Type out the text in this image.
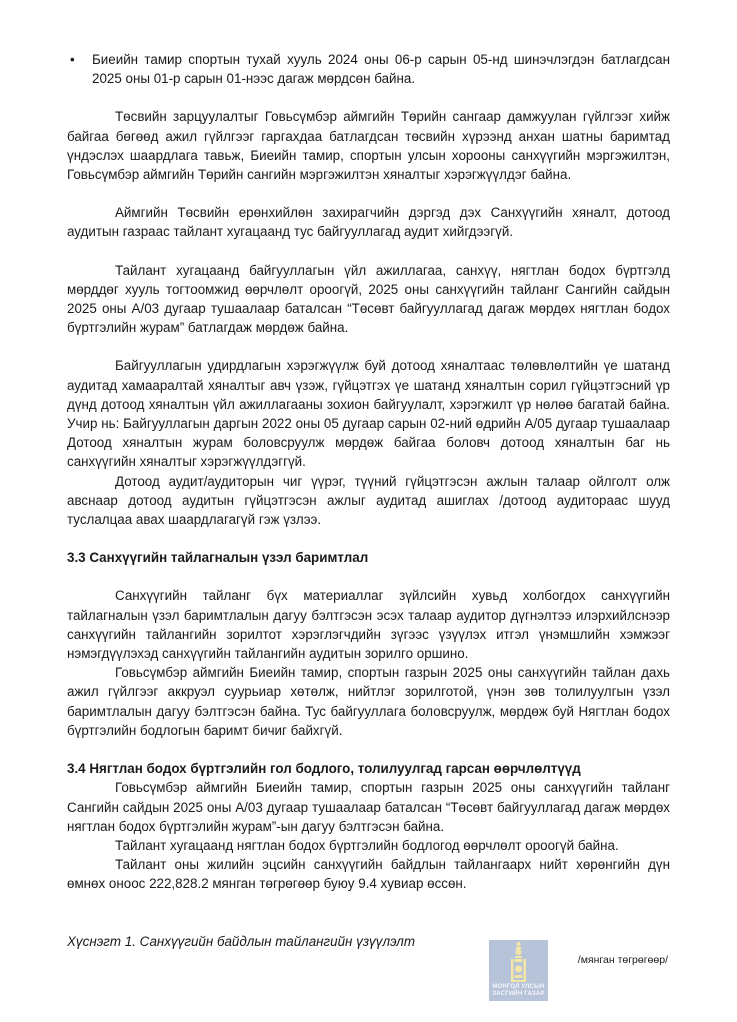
• Биеийн тамир спортын тухай хууль 2024 оны 06-р сарын 05-нд шинэчлэгдэн батлагдсан 2025 оны 01-р сарын 01-нээс дагаж мөрдсөн байна.

Төсвийн зарцуулалтыг Говьсүмбэр аймгийн Төрийн сангаар дамжуулан гүйлгээг хийж байгаа бөгөөд ажил гүйлгээг гаргахдаа батлагдсан төсвийн хүрээнд анхан шатны баримтад үндэслэх шаардлага тавьж, Биеийн тамир, спортын улсын хорооны санхүүгийн мэргэжилтэн, Говьсүмбэр аймгийн Төрийн сангийн мэргэжилтэн хяналтыг хэрэгжүүлдэг байна.

Аймгийн Төсвийн ерөнхийлөн захирагчийн дэргэд дэх Санхүүгийн хяналт, дотоод аудитын газраас тайлант хугацаанд тус байгууллагад аудит хийгдээгүй.

Тайлант хугацаанд байгууллагын үйл ажиллагаа, санхүү, нягтлан бодох бүртгэлд мөрддөг хууль тогтоомжид өөрчлөлт ороогүй, 2025 оны санхүүгийн тайланг Сангийн сайдын 2025 оны А/03 дугаар тушаалаар баталсан “Төсөвт байгууллагад дагаж мөрдөх нягтлан бодох бүртгэлийн журам” батлагдаж мөрдөж байна.

Байгууллагын удирдлагын хэрэгжүүлж буй дотоод хяналтаас төлөвлөлтийн үе шатанд аудитад хамааралтай хяналтыг авч үзэж, гүйцэтгэх үе шатанд хяналтын сорил гүйцэтгэсний үр дүнд дотоод хяналтын үйл ажиллагааны зохион байгуулалт, хэрэгжилт үр нөлөө багатай байна. Учир нь: Байгууллагын даргын 2022 оны 05 дугаар сарын 02-ний өдрийн А/05 дугаар тушаалаар Дотоод хяналтын журам боловсруулж мөрдөж байгаа боловч дотоод хяналтын баг нь санхүүгийн хяналтыг хэрэгжүүлдэггүй.

Дотоод аудит/аудиторын чиг үүрэг, түүний гүйцэтгэсэн ажлын талаар ойлголт олж авснаар дотоод аудитын гүйцэтгэсэн ажлыг аудитад ашиглах /дотоод аудитораас шууд туслалцаа авах шаардлагагүй гэж үзлээ.

3.3 Санхүүгийн тайлагналын үзэл баримтлал

Санхүүгийн тайланг бүх материаллаг зүйлсийн хувьд холбогдох санхүүгийн тайлагналын үзэл баримтлалын дагуу бэлтгэсэн эсэх талаар аудитор дүгнэлтээ илэрхийлснээр санхүүгийн тайлангийн зорилтот хэрэглэгчдийн зүгээс үзүүлэх итгэл үнэмшлийн хэмжээг нэмэгдүүлэхэд санхүүгийн тайлангийн аудитын зорилго оршино.

Говьсүмбэр аймгийн Биеийн тамир, спортын газрын 2025 оны санхүүгийн тайлан дахь ажил гүйлгээг аккруэл суурьиар хөтөлж, нийтлэг зорилготой, үнэн зөв толилуулгын үзэл баримтлалын дагуу бэлтгэсэн байна. Тус байгууллага боловсруулж, мөрдөж буй Нягтлан бодох бүртгэлийн бодлогын баримт бичиг байхгүй.

3.4 Нягтлан бодох бүртгэлийн гол бодлого, толилуулгад гарсан өөрчлөлтүүд

Говьсүмбэр аймгийн Биеийн тамир, спортын газрын 2025 оны санхүүгийн тайланг Сангийн сайдын 2025 оны А/03 дугаар тушаалаар баталсан “Төсөвт байгууллагад дагаж мөрдөх нягтлан бодох бүртгэлийн журам”-ын дагуу бэлтгэсэн байна.

Тайлант хугацаанд нягтлан бодох бүртгэлийн бодлогод өөрчлөлт ороогүй байна.

Тайлант оны жилийн эцсийн санхүүгийн байдлын тайлангаарх нийт хөрөнгийн дүн өмнөх оноос 222,828.2 мянган төгрөгөөр буюу 9.4 хувиар өссөн.

Хүснэгт 1. Санхүүгийн байдлын тайлангийн үзүүлэлт

/мянган төгрөгөөр/

МОНГОЛ УЛСЫН
ЗАСГИЙН ГАЗАР
